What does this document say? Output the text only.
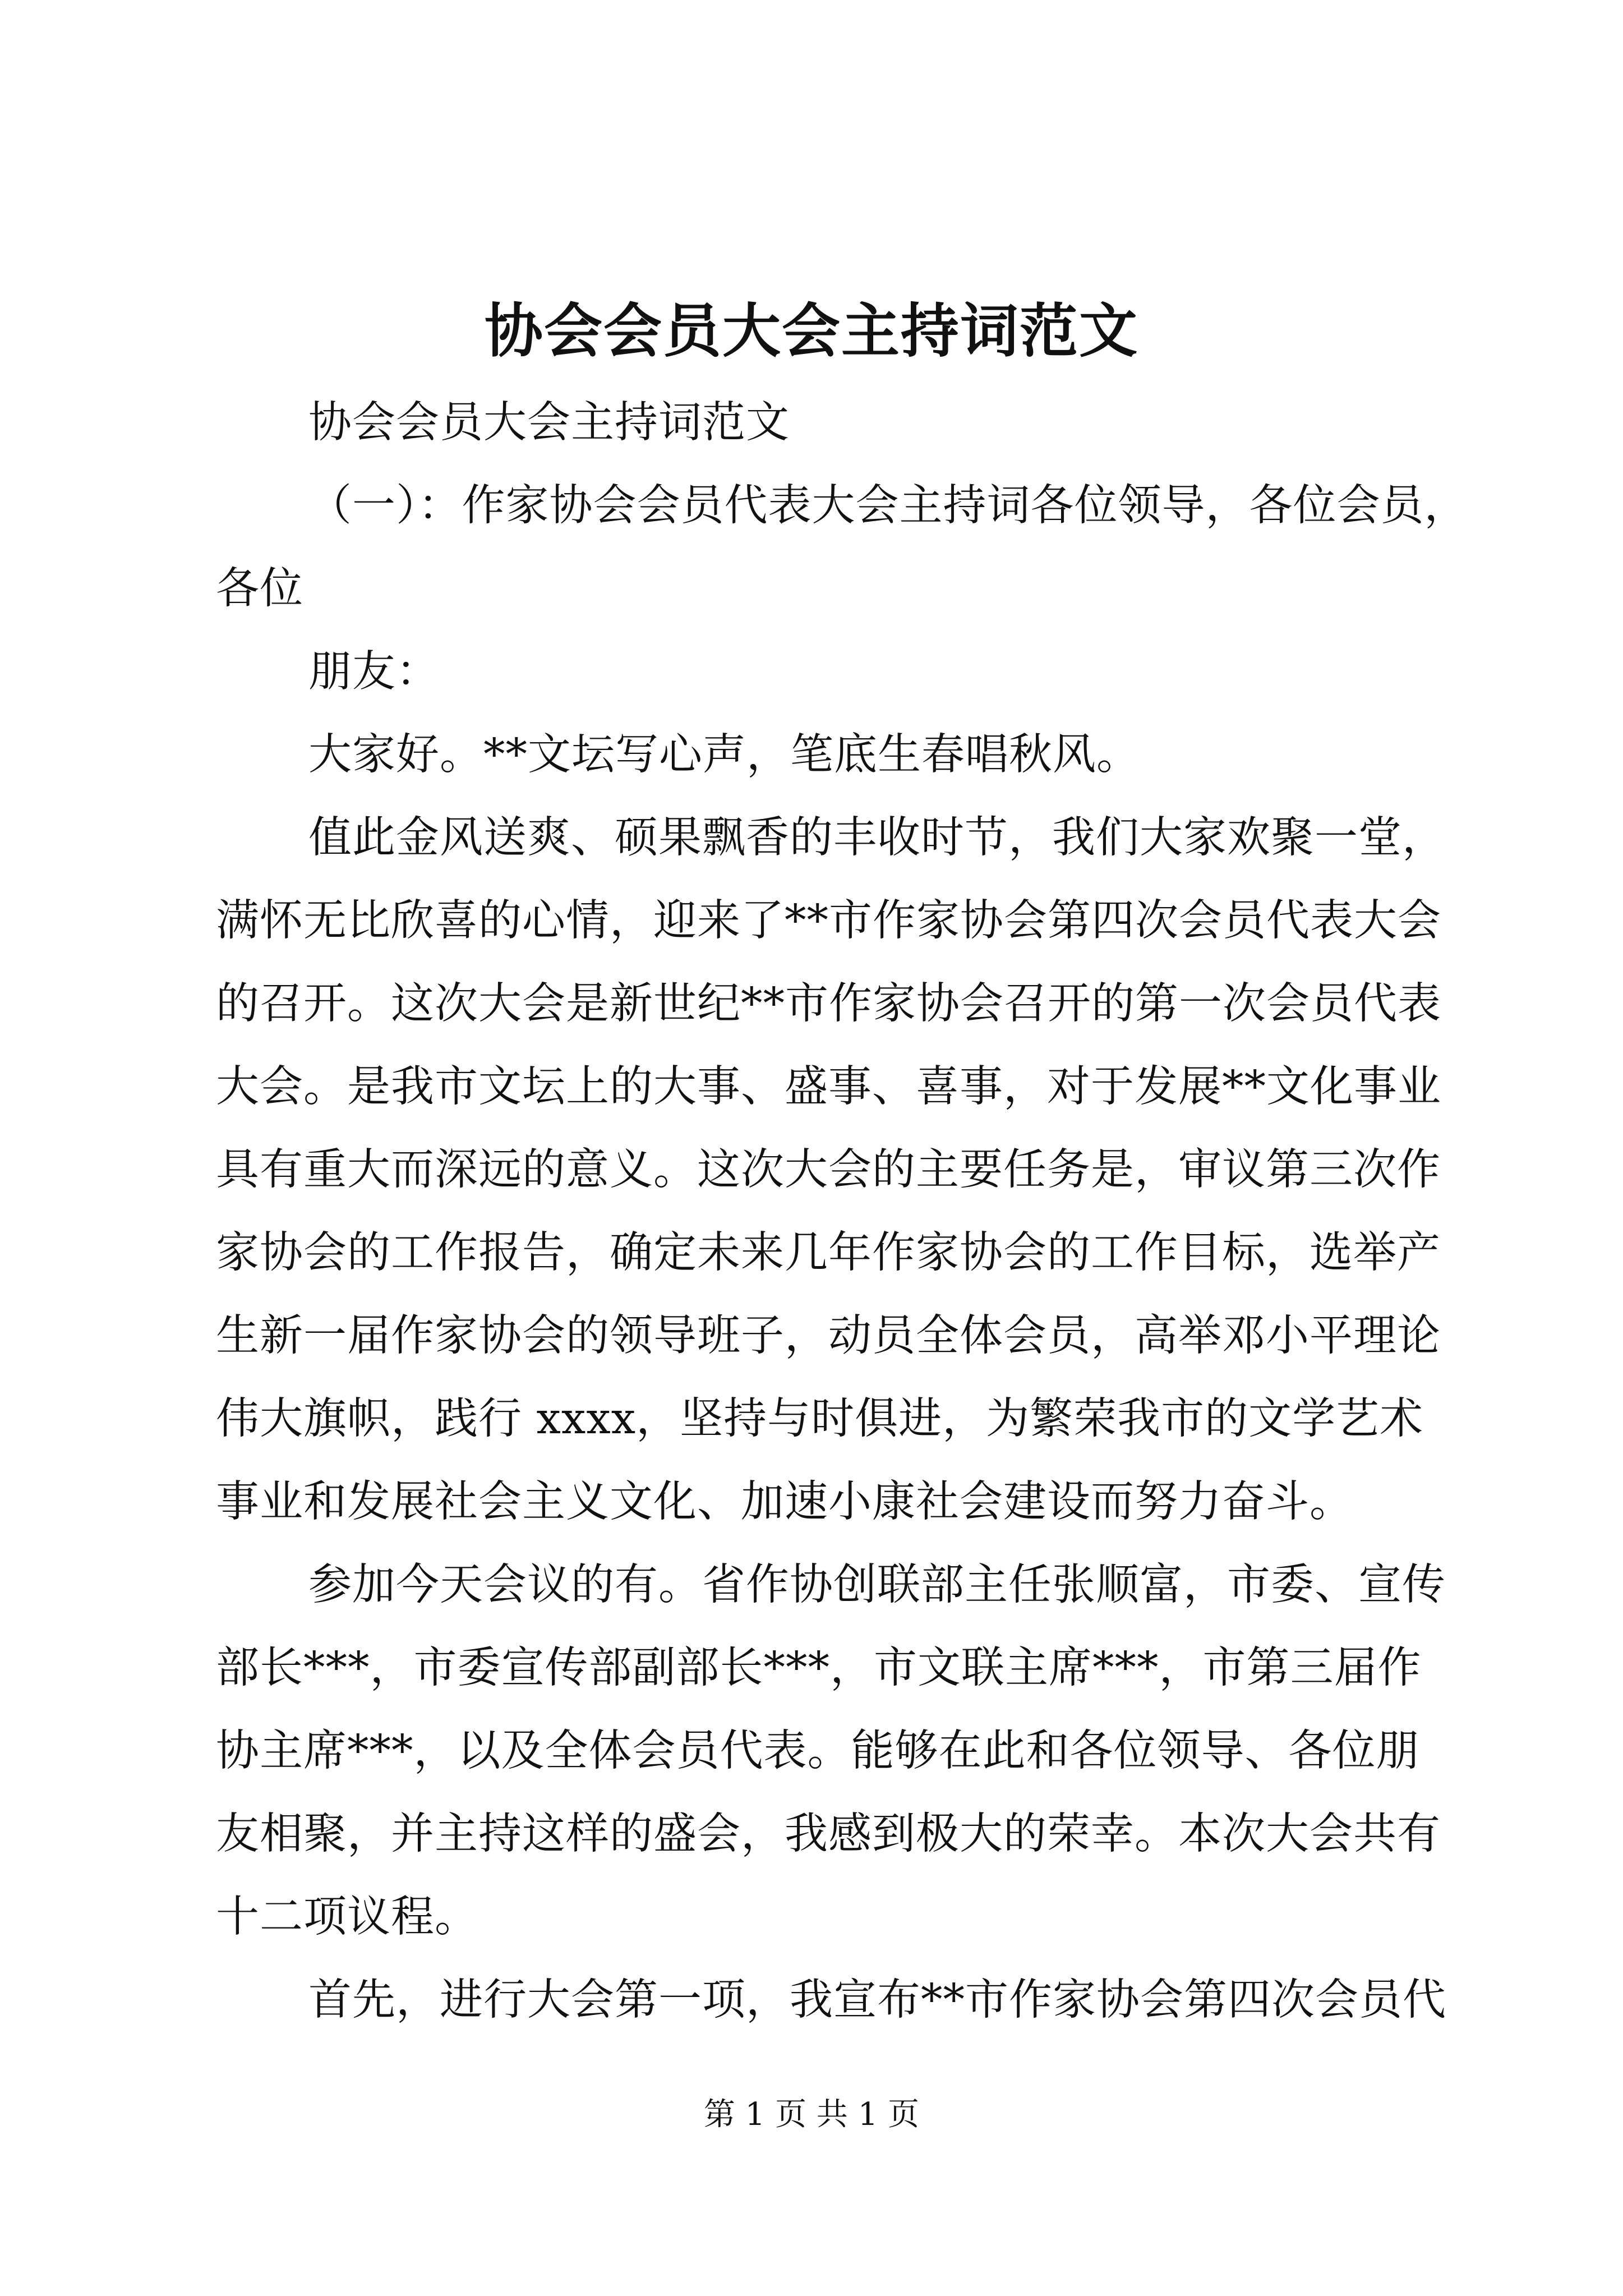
协会会员大会主持词范文
协会会员大会主持词范文
（一）：作家协会会员代表大会主持词各位领导，各位会员，
各位
朋友：
大家好。**文坛写心声，笔底生春唱秋风。
值此金风送爽、硕果飘香的丰收时节，我们大家欢聚一堂，
满怀无比欣喜的心情，迎来了**市作家协会第四次会员代表大会
的召开。这次大会是新世纪**市作家协会召开的第一次会员代表
大会。是我市文坛上的大事、盛事、喜事，对于发展**文化事业
具有重大而深远的意义。这次大会的主要任务是，审议第三次作
家协会的工作报告，确定未来几年作家协会的工作目标，选举产
生新一届作家协会的领导班子，动员全体会员，高举邓小平理论
伟大旗帜，践行 xxxx，坚持与时俱进，为繁荣我市的文学艺术
事业和发展社会主义文化、加速小康社会建设而努力奋斗。
参加今天会议的有。省作协创联部主任张顺富，市委、宣传
部长***，市委宣传部副部长***，市文联主席***，市第三届作
协主席***，以及全体会员代表。能够在此和各位领导、各位朋
友相聚，并主持这样的盛会，我感到极大的荣幸。本次大会共有
十二项议程。
首先，进行大会第一项，我宣布**市作家协会第四次会员代
第 1 页 共 1 页
